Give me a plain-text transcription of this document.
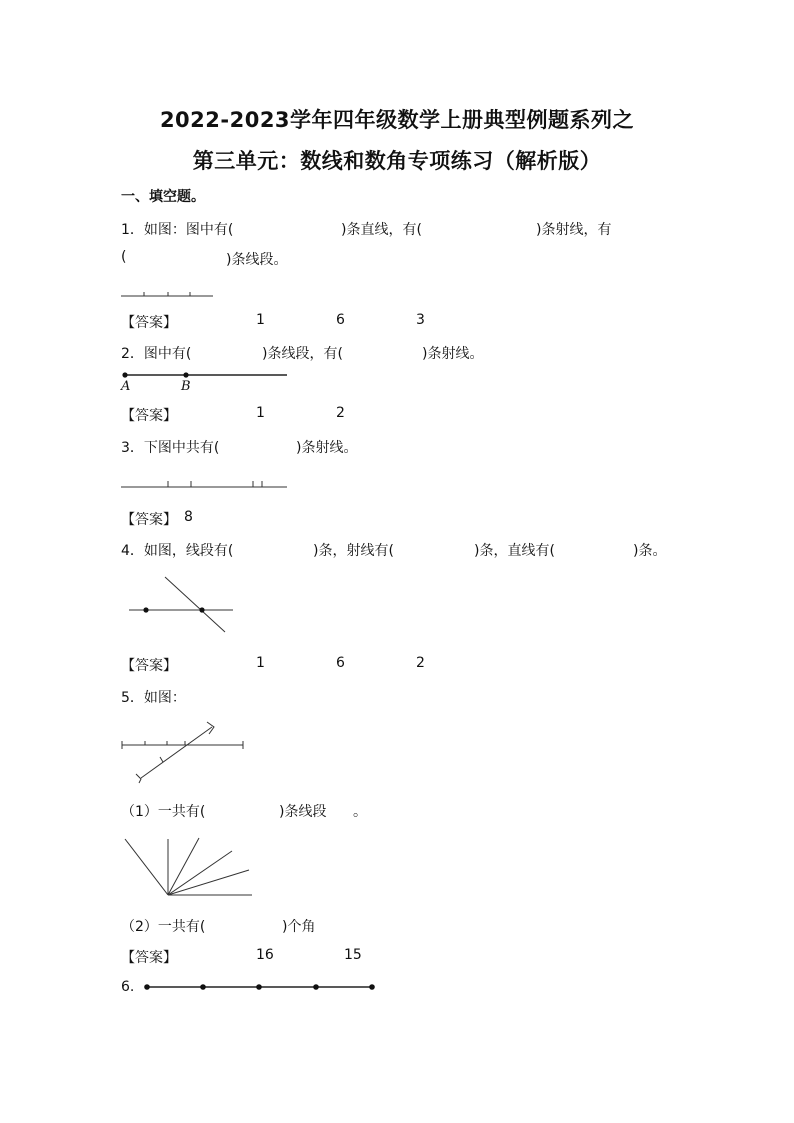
2022-2023学年四年级数学上册典型例题系列之
第三单元：数线和数角专项练习（解析版）
一、填空题。
1．如图：图中有(	)条直线，有(	)条射线，有
(	)条线段。
【答案】	1	6	3
2．图中有(	)条线段，有(	)条射线。
A	B
【答案】	1	2
3．下图中共有(	)条射线。
【答案】 8
4．如图，线段有(	)条，射线有(	)条，直线有(	)条。
【答案】	1	6	2
5．如图：
（1）一共有(	)条线段 。
（2）一共有(	)个角
【答案】	16	15
6.
